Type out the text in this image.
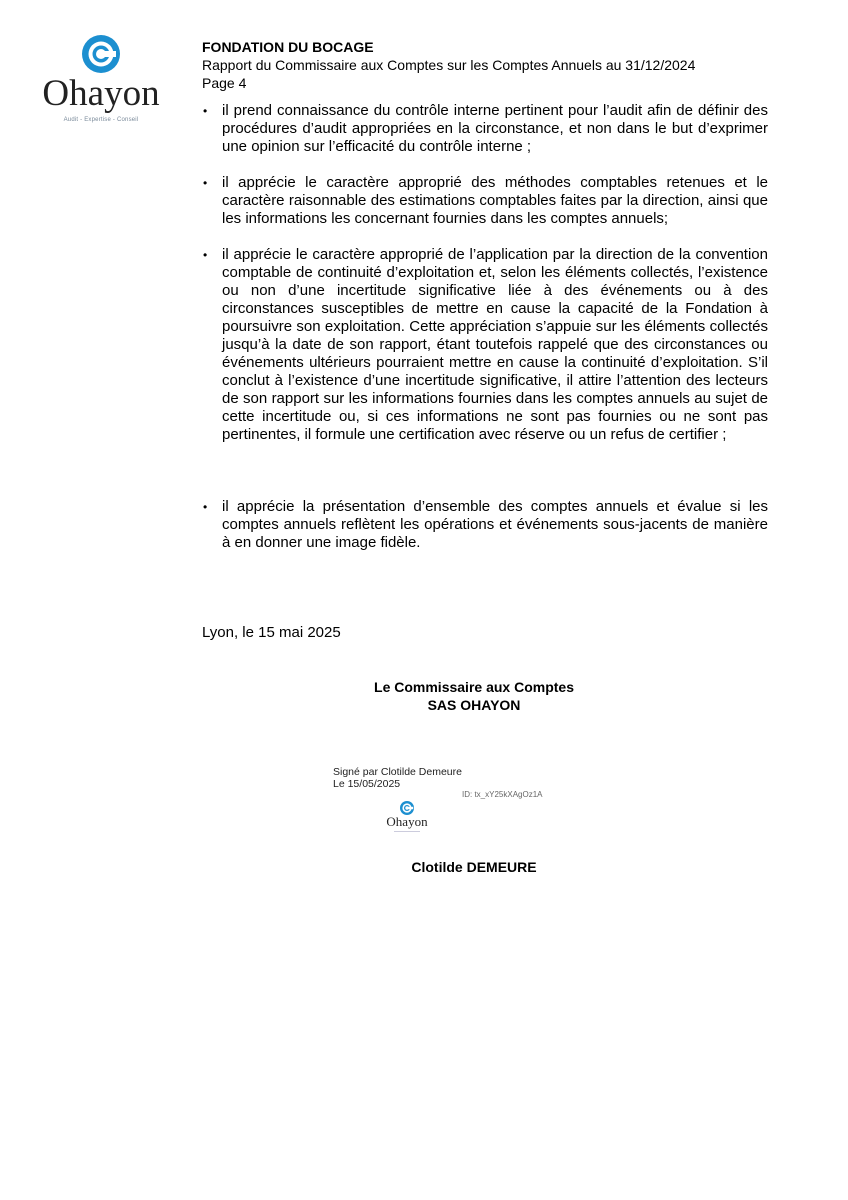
Ohayon
Audit - Expertise - Conseil
FONDATION DU BOCAGE
Rapport du Commissaire aux Comptes sur les Comptes Annuels au 31/12/2024
Page 4
• il prend connaissance du contrôle interne pertinent pour l’audit afin de définir des procédures d’audit appropriées en la circonstance, et non dans le but d’exprimer une opinion sur l’efficacité du contrôle interne ;
• il apprécie le caractère approprié des méthodes comptables retenues et le caractère raisonnable des estimations comptables faites par la direction, ainsi que les informations les concernant fournies dans les comptes annuels;
• il apprécie le caractère approprié de l’application par la direction de la convention comptable de continuité d’exploitation et, selon les éléments collectés, l’existence ou non d’une incertitude significative liée à des événements ou à des circonstances susceptibles de mettre en cause la capacité de la Fondation à poursuivre son exploitation. Cette appréciation s’appuie sur les éléments collectés jusqu’à la date de son rapport, étant toutefois rappelé que des circonstances ou événements ultérieurs pourraient mettre en cause la continuité d’exploitation. S’il conclut à l’existence d’une incertitude significative, il attire l’attention des lecteurs de son rapport sur les informations fournies dans les comptes annuels au sujet de cette incertitude ou, si ces informations ne sont pas fournies ou ne sont pas pertinentes, il formule une certification avec réserve ou un refus de certifier ;
• il apprécie la présentation d’ensemble des comptes annuels et évalue si les comptes annuels reflètent les opérations et événements sous-jacents de manière à en donner une image fidèle.
Lyon, le 15 mai 2025
Le Commissaire aux Comptes
SAS OHAYON
Signé par Clotilde Demeure
Le 15/05/2025
ID: tx_xY25kXAgOz1A
Ohayon
Clotilde DEMEURE
